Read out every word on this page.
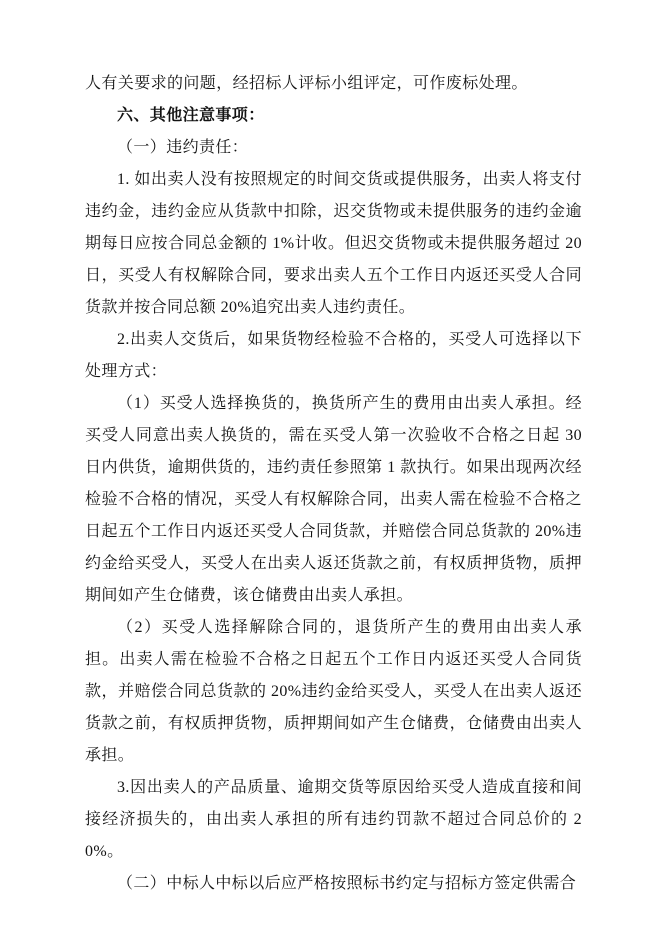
人有关要求的问题，经招标人评标小组评定，可作废标处理。

六、其他注意事项：

（一）违约责任：

1. 如出卖人没有按照规定的时间交货或提供服务，出卖人将支付违约金，违约金应从货款中扣除，迟交货物或未提供服务的违约金逾期每日应按合同总金额的 1%计收。但迟交货物或未提供服务超过 20 日，买受人有权解除合同，要求出卖人五个工作日内返还买受人合同货款并按合同总额 20%追究出卖人违约责任。

2.出卖人交货后，如果货物经检验不合格的，买受人可选择以下处理方式：

（1）买受人选择换货的，换货所产生的费用由出卖人承担。经买受人同意出卖人换货的，需在买受人第一次验收不合格之日起 30 日内供货，逾期供货的，违约责任参照第 1 款执行。如果出现两次经检验不合格的情况，买受人有权解除合同，出卖人需在检验不合格之日起五个工作日内返还买受人合同货款，并赔偿合同总货款的 20%违约金给买受人，买受人在出卖人返还货款之前，有权质押货物，质押期间如产生仓储费，该仓储费由出卖人承担。

（2）买受人选择解除合同的，退货所产生的费用由出卖人承担。出卖人需在检验不合格之日起五个工作日内返还买受人合同货款，并赔偿合同总货款的 20%违约金给买受人，买受人在出卖人返还货款之前，有权质押货物，质押期间如产生仓储费，仓储费由出卖人承担。

3.因出卖人的产品质量、逾期交货等原因给买受人造成直接和间接经济损失的，由出卖人承担的所有违约罚款不超过合同总价的 20%。

（二）中标人中标以后应严格按照标书约定与招标方签定供需合
